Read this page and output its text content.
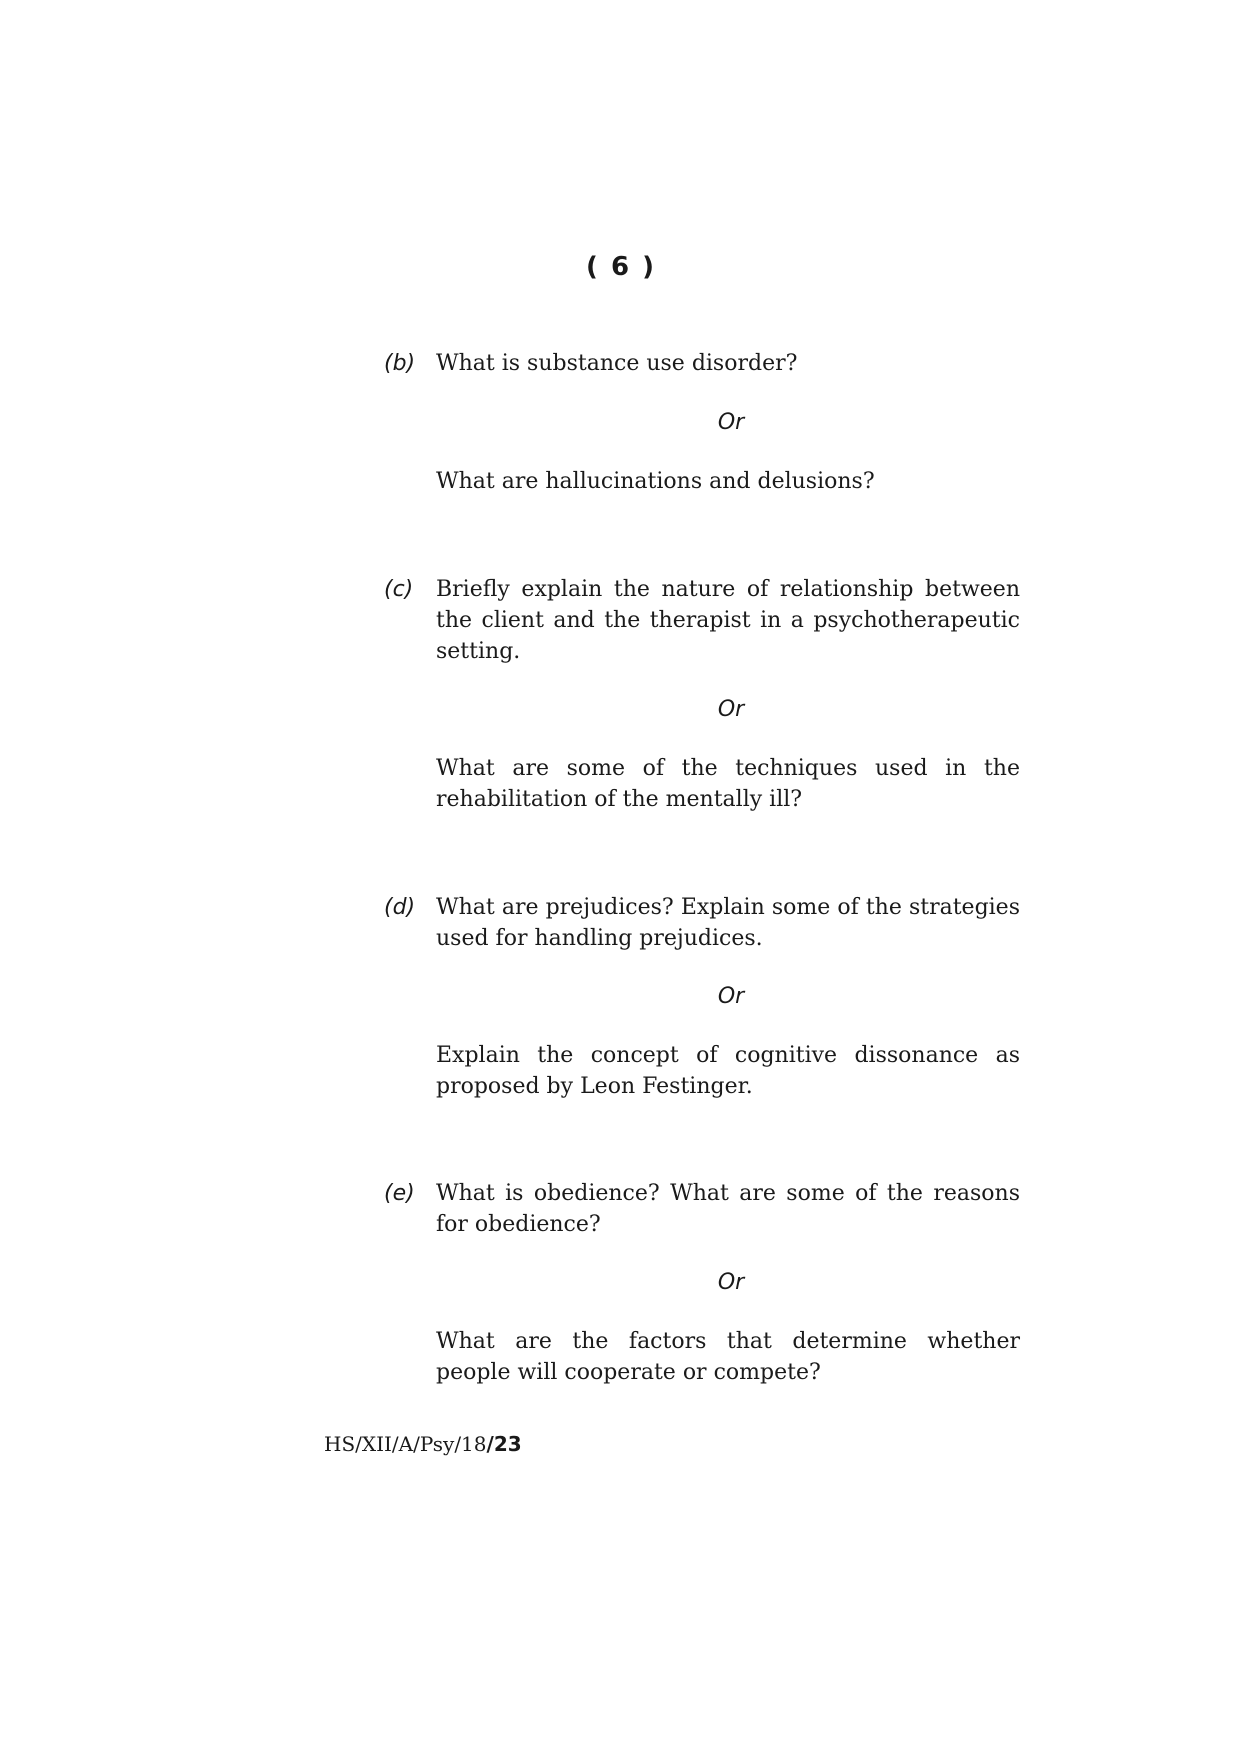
( 6 )
(b) What is substance use disorder?

Or

What are hallucinations and delusions?

(c) Briefly explain the nature of relationship between the client and the therapist in a psychotherapeutic setting.

Or

What are some of the techniques used in the rehabilitation of the mentally ill?

(d) What are prejudices? Explain some of the strategies used for handling prejudices.

Or

Explain the concept of cognitive dissonance as proposed by Leon Festinger.

(e) What is obedience? What are some of the reasons for obedience?

Or

What are the factors that determine whether people will cooperate or compete?

HS/XII/A/Psy/18/23
